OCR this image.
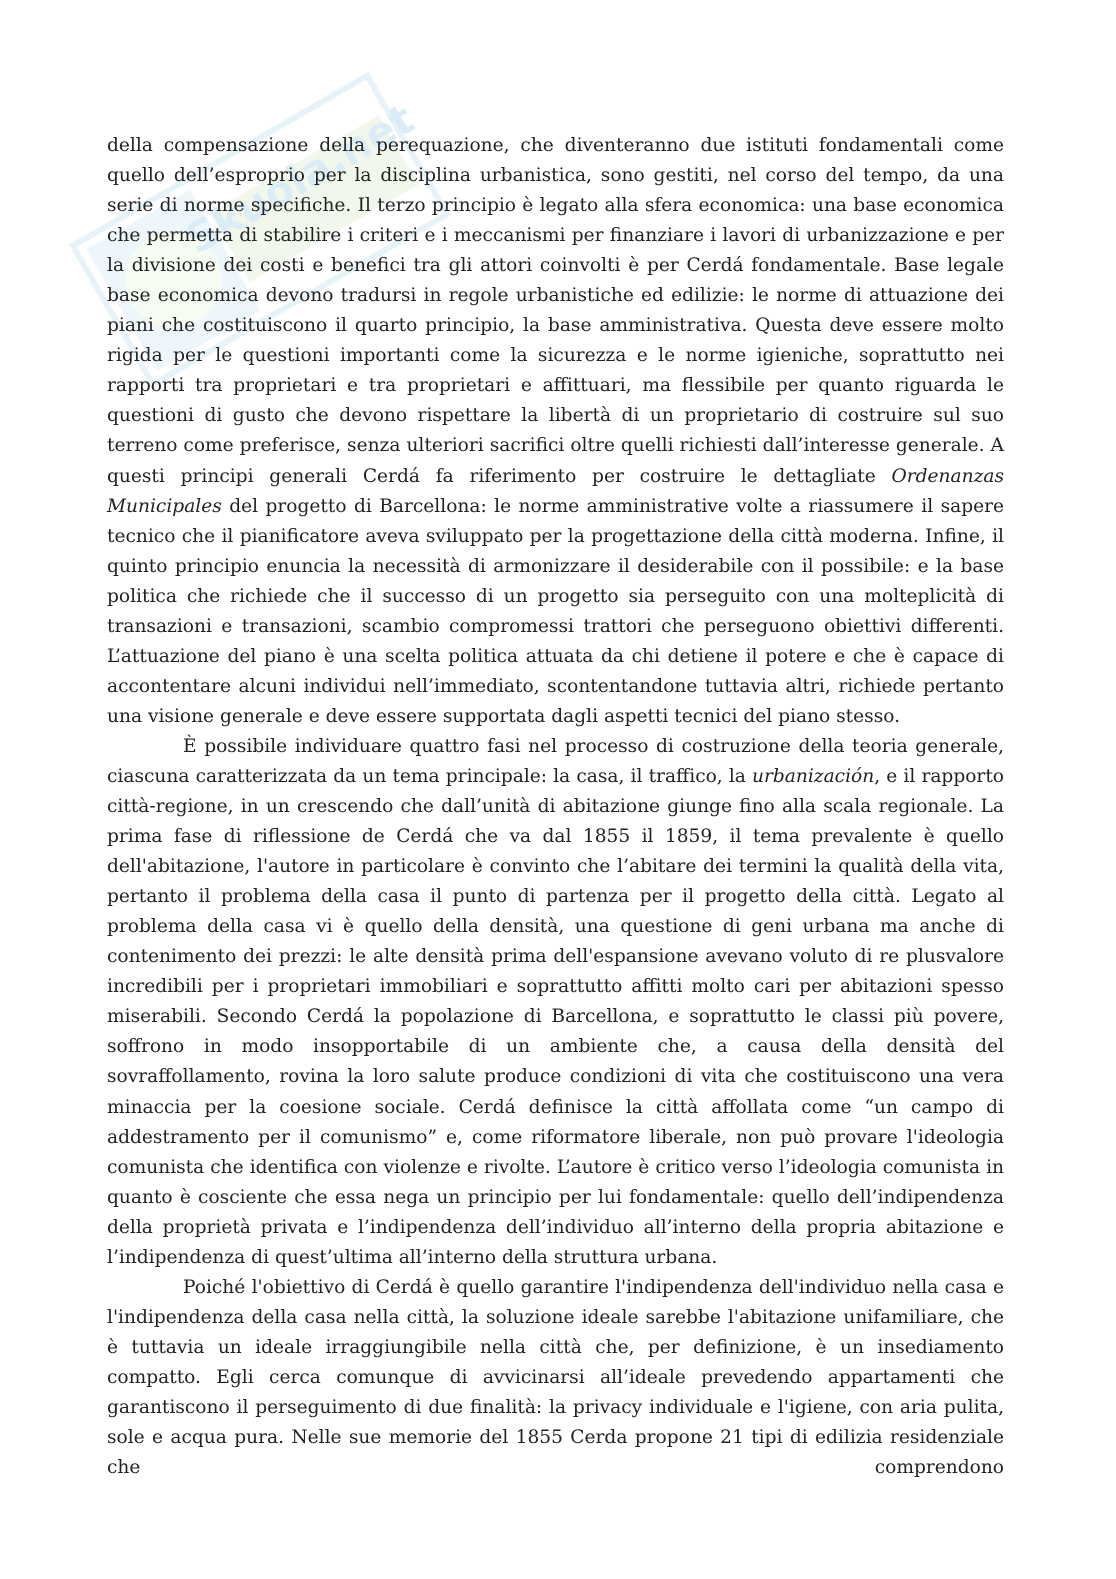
Skuola.net

della compensazione della perequazione, che diventeranno due istituti fondamentali come quello dell’esproprio per la disciplina urbanistica, sono gestiti, nel corso del tempo, da una serie di norme specifiche. Il terzo principio è legato alla sfera economica: una base economica che permetta di stabilire i criteri e i meccanismi per finanziare i lavori di urbanizzazione e per la divisione dei costi e benefici tra gli attori coinvolti è per Cerdá fondamentale. Base legale base economica devono tradursi in regole urbanistiche ed edilizie: le norme di attuazione dei piani che costituiscono il quarto principio, la base amministrativa. Questa deve essere molto rigida per le questioni importanti come la sicurezza e le norme igieniche, soprattutto nei rapporti tra proprietari e tra proprietari e affittuari, ma flessibile per quanto riguarda le questioni di gusto che devono rispettare la libertà di un proprietario di costruire sul suo terreno come preferisce, senza ulteriori sacrifici oltre quelli richiesti dall’interesse generale. A questi principi generali Cerdá fa riferimento per costruire le dettagliate Ordenanzas Municipales del progetto di Barcellona: le norme amministrative volte a riassumere il sapere tecnico che il pianificatore aveva sviluppato per la progettazione della città moderna. Infine, il quinto principio enuncia la necessità di armonizzare il desiderabile con il possibile: e la base politica che richiede che il successo di un progetto sia perseguito con una molteplicità di transazioni e transazioni, scambio compromessi trattori che perseguono obiettivi differenti. L’attuazione del piano è una scelta politica attuata da chi detiene il potere e che è capace di accontentare alcuni individui nell’immediato, scontentandone tuttavia altri, richiede pertanto una visione generale e deve essere supportata dagli aspetti tecnici del piano stesso.

È possibile individuare quattro fasi nel processo di costruzione della teoria generale, ciascuna caratterizzata da un tema principale: la casa, il traffico, la urbanización, e il rapporto città-regione, in un crescendo che dall’unità di abitazione giunge fino alla scala regionale. La prima fase di riflessione de Cerdá che va dal 1855 il 1859, il tema prevalente è quello dell'abitazione, l'autore in particolare è convinto che l’abitare dei termini la qualità della vita, pertanto il problema della casa il punto di partenza per il progetto della città. Legato al problema della casa vi è quello della densità, una questione di geni urbana ma anche di contenimento dei prezzi: le alte densità prima dell'espansione avevano voluto di re plusvalore incredibili per i proprietari immobiliari e soprattutto affitti molto cari per abitazioni spesso miserabili. Secondo Cerdá la popolazione di Barcellona, e soprattutto le classi più povere, soffrono in modo insopportabile di un ambiente che, a causa della densità del sovraffollamento, rovina la loro salute produce condizioni di vita che costituiscono una vera minaccia per la coesione sociale. Cerdá definisce la città affollata come “un campo di addestramento per il comunismo” e, come riformatore liberale, non può provare l'ideologia comunista che identifica con violenze e rivolte. L’autore è critico verso l’ideologia comunista in quanto è cosciente che essa nega un principio per lui fondamentale: quello dell’indipendenza della proprietà privata e l’indipendenza dell’individuo all’interno della propria abitazione e l’indipendenza di quest’ultima all’interno della struttura urbana.

Poiché l'obiettivo di Cerdá è quello garantire l'indipendenza dell'individuo nella casa e l'indipendenza della casa nella città, la soluzione ideale sarebbe l'abitazione unifamiliare, che è tuttavia un ideale irraggiungibile nella città che, per definizione, è un insediamento compatto. Egli cerca comunque di avvicinarsi all’ideale prevedendo appartamenti che garantiscono il perseguimento di due finalità: la privacy individuale e l'igiene, con aria pulita, sole e acqua pura. Nelle sue memorie del 1855 Cerda propone 21 tipi di edilizia residenziale che comprendono
